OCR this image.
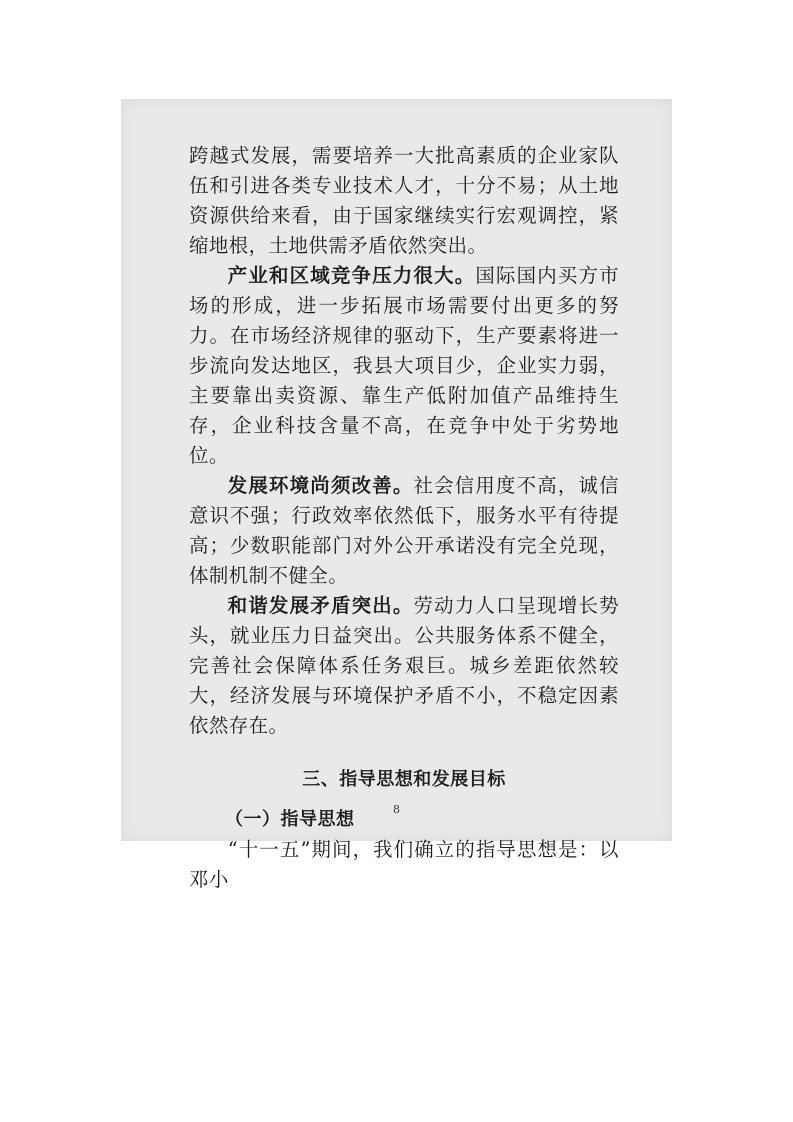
跨越式发展，需要培养一大批高素质的企业家队伍和引进各类专业技术人才，十分不易；从土地资源供给来看，由于国家继续实行宏观调控，紧缩地根，土地供需矛盾依然突出。

产业和区域竞争压力很大。国际国内买方市场的形成，进一步拓展市场需要付出更多的努力。在市场经济规律的驱动下，生产要素将进一步流向发达地区，我县大项目少，企业实力弱，主要靠出卖资源、靠生产低附加值产品维持生存，企业科技含量不高，在竞争中处于劣势地位。

发展环境尚须改善。社会信用度不高，诚信意识不强；行政效率依然低下，服务水平有待提高；少数职能部门对外公开承诺没有完全兑现，体制机制不健全。

和谐发展矛盾突出。劳动力人口呈现增长势头，就业压力日益突出。公共服务体系不健全，完善社会保障体系任务艰巨。城乡差距依然较大，经济发展与环境保护矛盾不小，不稳定因素依然存在。

三、指导思想和发展目标
（一）指导思想

“十一五”期间，我们确立的指导思想是：以邓小

8
